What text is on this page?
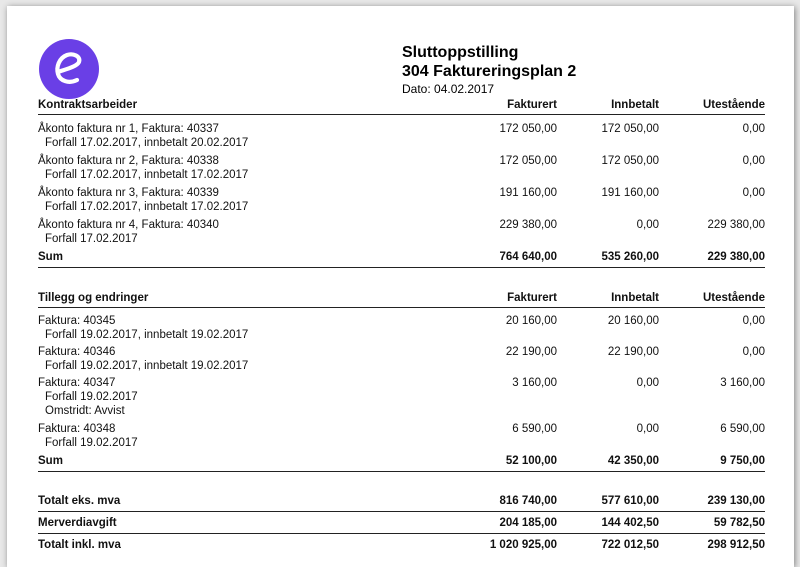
Sluttoppstilling
304 Faktureringsplan 2
Dato: 04.02.2017
Kontraktsarbeider	Fakturert	Innbetalt	Utestående
Åkonto faktura nr 1, Faktura: 40337	172 050,00	172 050,00	0,00
Forfall 17.02.2017, innbetalt 20.02.2017
Åkonto faktura nr 2, Faktura: 40338	172 050,00	172 050,00	0,00
Forfall 17.02.2017, innbetalt 17.02.2017
Åkonto faktura nr 3, Faktura: 40339	191 160,00	191 160,00	0,00
Forfall 17.02.2017, innbetalt 17.02.2017
Åkonto faktura nr 4, Faktura: 40340	229 380,00	0,00	229 380,00
Forfall 17.02.2017
Sum	764 640,00	535 260,00	229 380,00
Tillegg og endringer	Fakturert	Innbetalt	Utestående
Faktura: 40345	20 160,00	20 160,00	0,00
Forfall 19.02.2017, innbetalt 19.02.2017
Faktura: 40346	22 190,00	22 190,00	0,00
Forfall 19.02.2017, innbetalt 19.02.2017
Faktura: 40347	3 160,00	0,00	3 160,00
Forfall 19.02.2017
Omstridt: Avvist
Faktura: 40348	6 590,00	0,00	6 590,00
Forfall 19.02.2017
Sum	52 100,00	42 350,00	9 750,00
Totalt eks. mva	816 740,00	577 610,00	239 130,00
Merverdiavgift	204 185,00	144 402,50	59 782,50
Totalt inkl. mva	1 020 925,00	722 012,50	298 912,50
